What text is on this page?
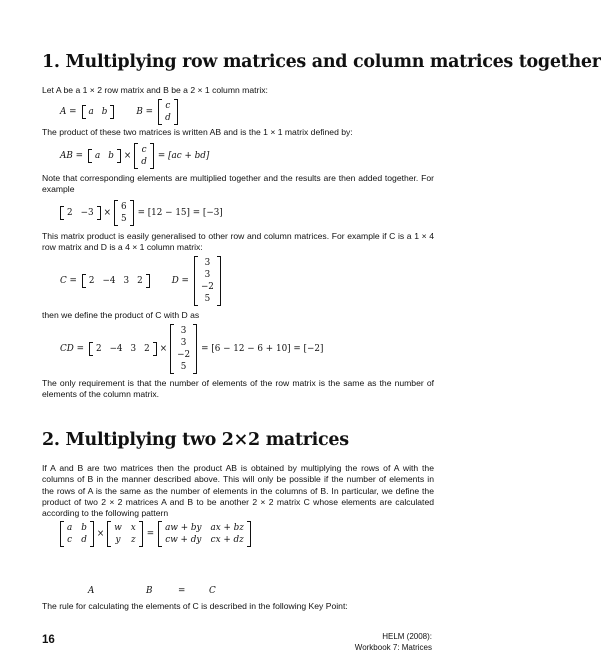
1. Multiplying row matrices and column matrices together

Let A be a 1 × 2 row matrix and B be a 2 × 1 column matrix:

A = a b	B =
c
d

The product of these two matrices is written AB and is the 1 × 1 matrix defined by:

AB = a b ×
c
d
= [ac + bd]

Note that corresponding elements are multiplied together and the results are then added together. For example

2 −3 ×
6
5
= [12 − 15] = [−3]

This matrix product is easily generalised to other row and column matrices. For example if C is a 1 × 4 row matrix and D is a 4 × 1 column matrix:

C = 2 −4 3 2	D =
3
3
−2
5

then we define the product of C with D as

CD = 2 −4 3 2 ×
3
3
−2
5
= [6 − 12 − 6 + 10] = [−2]

The only requirement is that the number of elements of the row matrix is the same as the number of elements of the column matrix.

2. Multiplying two 2×2 matrices

If A and B are two matrices then the product AB is obtained by multiplying the rows of A with the columns of B in the manner described above. This will only be possible if the number of elements in the rows of A is the same as the number of elements in the columns of B. In particular, we define the product of two 2 × 2 matrices A and B to be another 2 × 2 matrix C whose elements are calculated according to the following pattern

a b
c d
×
w x
y z
=
aw + by ax + bz
cw + dy cx + dz
A	B	=	C

The rule for calculating the elements of C is described in the following Key Point:

16	HELM (2008):
Workbook 7: Matrices
